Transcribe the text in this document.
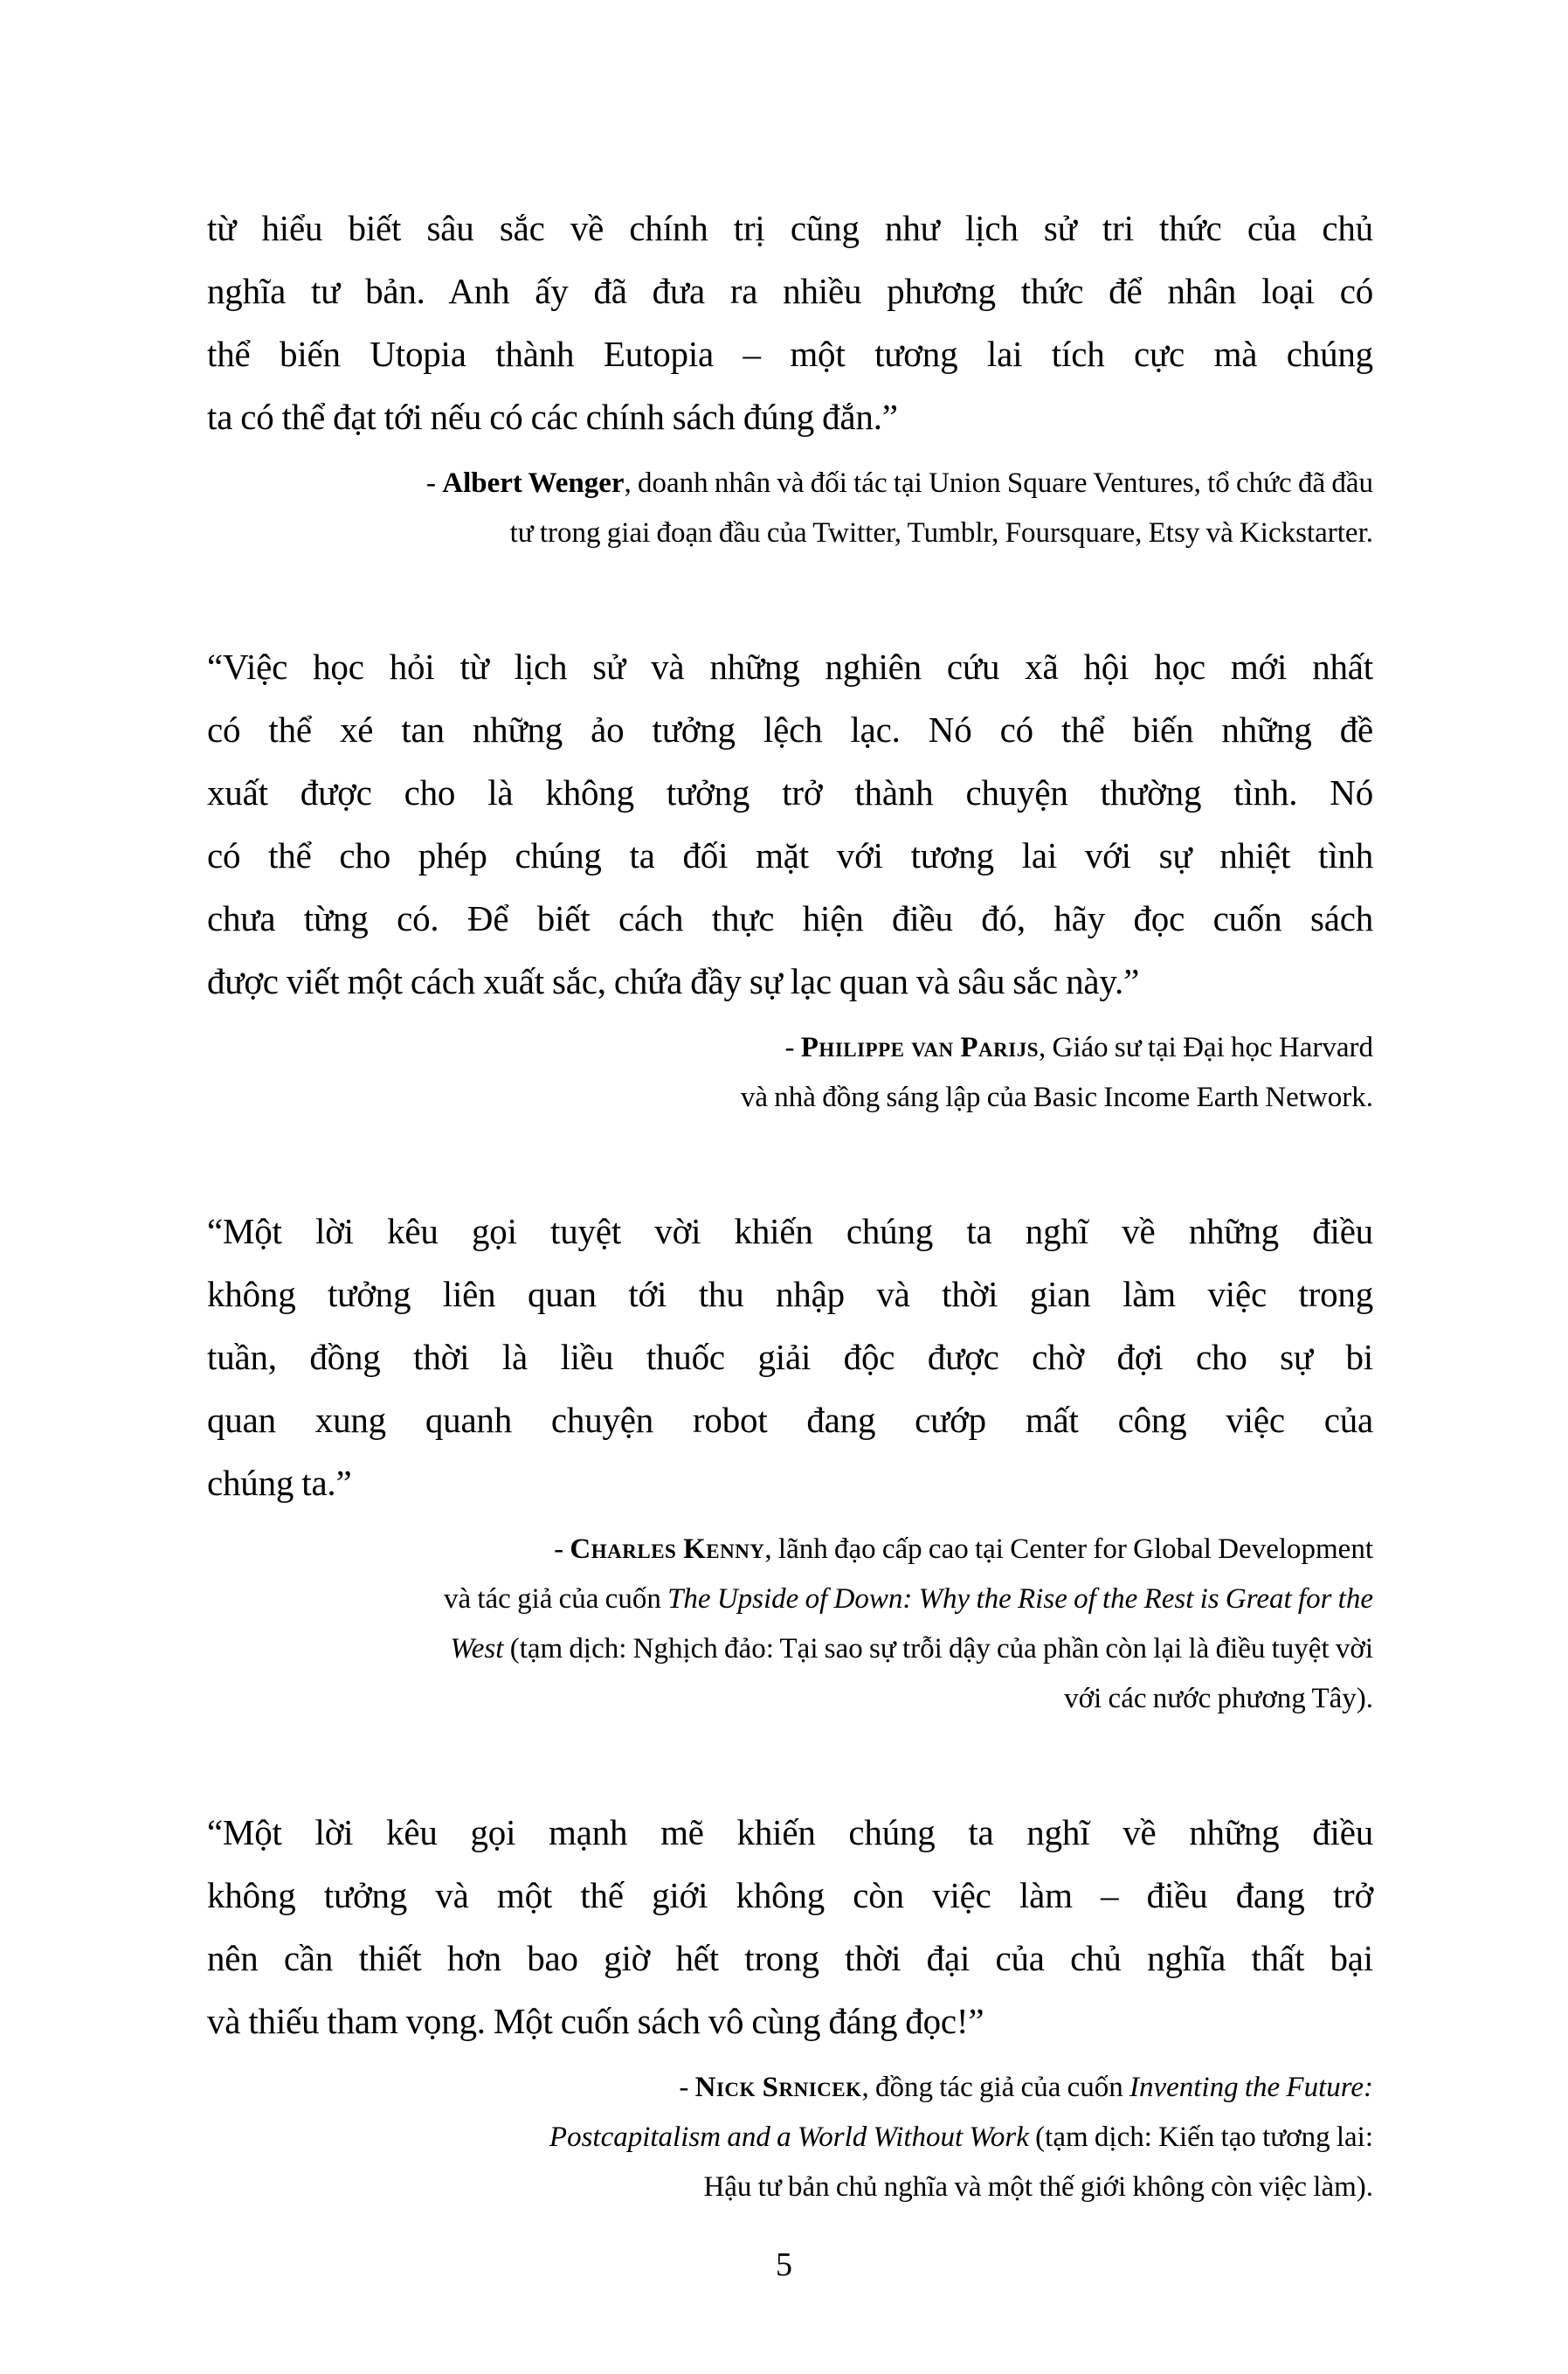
từ hiểu biết sâu sắc về chính trị cũng như lịch sử tri thức của chủ
nghĩa tư bản. Anh ấy đã đưa ra nhiều phương thức để nhân loại có
thể biến Utopia thành Eutopia – một tương lai tích cực mà chúng
ta có thể đạt tới nếu có các chính sách đúng đắn.”
- Albert Wenger, doanh nhân và đối tác tại Union Square Ventures, tổ chức đã đầu
tư trong giai đoạn đầu của Twitter, Tumblr, Foursquare, Etsy và Kickstarter.
“Việc học hỏi từ lịch sử và những nghiên cứu xã hội học mới nhất
có thể xé tan những ảo tưởng lệch lạc. Nó có thể biến những đề
xuất được cho là không tưởng trở thành chuyện thường tình. Nó
có thể cho phép chúng ta đối mặt với tương lai với sự nhiệt tình
chưa từng có. Để biết cách thực hiện điều đó, hãy đọc cuốn sách
được viết một cách xuất sắc, chứa đầy sự lạc quan và sâu sắc này.”
- Philippe van Parijs, Giáo sư tại Đại học Harvard
và nhà đồng sáng lập của Basic Income Earth Network.
“Một lời kêu gọi tuyệt vời khiến chúng ta nghĩ về những điều
không tưởng liên quan tới thu nhập và thời gian làm việc trong
tuần, đồng thời là liều thuốc giải độc được chờ đợi cho sự bi
quan xung quanh chuyện robot đang cướp mất công việc của
chúng ta.”
- Charles Kenny, lãnh đạo cấp cao tại Center for Global Development
và tác giả của cuốn The Upside of Down: Why the Rise of the Rest is Great for the
West (tạm dịch: Nghịch đảo: Tại sao sự trỗi dậy của phần còn lại là điều tuyệt vời
với các nước phương Tây).
“Một lời kêu gọi mạnh mẽ khiến chúng ta nghĩ về những điều
không tưởng và một thế giới không còn việc làm – điều đang trở
nên cần thiết hơn bao giờ hết trong thời đại của chủ nghĩa thất bại
và thiếu tham vọng. Một cuốn sách vô cùng đáng đọc!”
- Nick Srnicek, đồng tác giả của cuốn Inventing the Future:
Postcapitalism and a World Without Work (tạm dịch: Kiến tạo tương lai:
Hậu tư bản chủ nghĩa và một thế giới không còn việc làm).
5
